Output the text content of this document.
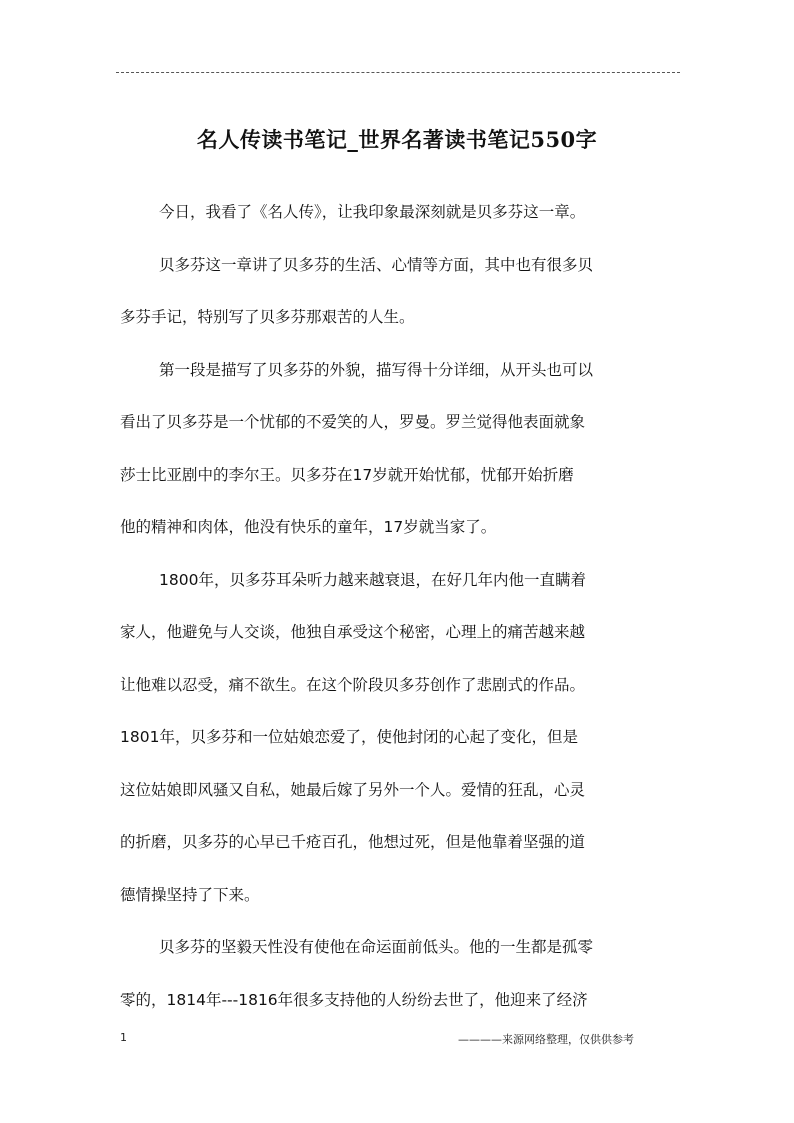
名人传读书笔记_世界名著读书笔记550字
今日，我看了《名人传》，让我印象最深刻就是贝多芬这一章。
贝多芬这一章讲了贝多芬的生活、心情等方面，其中也有很多贝
多芬手记，特别写了贝多芬那艰苦的人生。
第一段是描写了贝多芬的外貌，描写得十分详细，从开头也可以
看出了贝多芬是一个忧郁的不爱笑的人，罗曼。罗兰觉得他表面就象
莎士比亚剧中的李尔王。贝多芬在17岁就开始忧郁，忧郁开始折磨
他的精神和肉体，他没有快乐的童年，17岁就当家了。
1800年，贝多芬耳朵听力越来越衰退，在好几年内他一直瞒着
家人，他避免与人交谈，他独自承受这个秘密，心理上的痛苦越来越
让他难以忍受，痛不欲生。在这个阶段贝多芬创作了悲剧式的作品。
1801年，贝多芬和一位姑娘恋爱了，使他封闭的心起了变化，但是
这位姑娘即风骚又自私，她最后嫁了另外一个人。爱情的狂乱，心灵
的折磨，贝多芬的心早已千疮百孔，他想过死，但是他靠着坚强的道
德情操坚持了下来。
贝多芬的坚毅天性没有使他在命运面前低头。他的一生都是孤零
零的，1814年---1816年很多支持他的人纷纷去世了，他迎来了经济
1	————来源网络整理，仅供供参考
